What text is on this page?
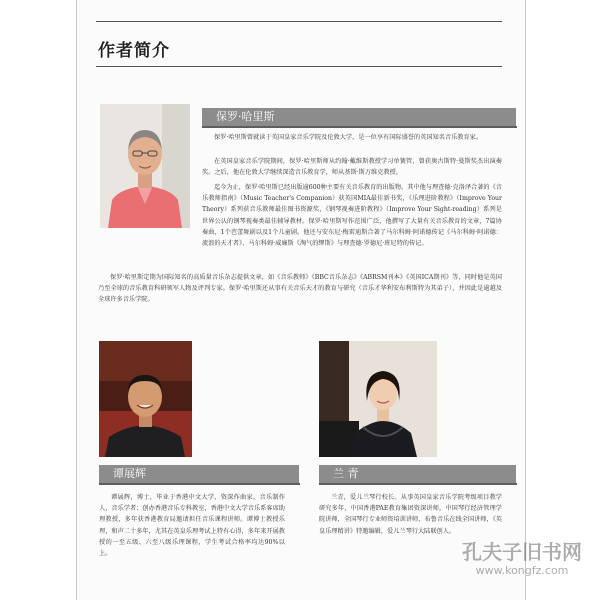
作者简介
保罗·哈里斯

保罗·哈里斯曾就读于英国皇家音乐学院及伦敦大学，是一位享有国际盛誉的英国知名音乐教育家。

在英国皇家音乐学院期间，保罗·哈里斯师从约翰·戴维斯教授学习单簧管，曾获奥古斯特·曼斯奖杰出演奏奖。之后，他在伦敦大学继续深造音乐教育学，师从基斯·斯万维克教授。

迄今为止，保罗·哈里斯已经出版逾600种主要有关音乐教育的出版物。其中他与理查德·克洛泽合著的《音乐教师指南》（Music Teacher's Companion）获英国MIA最佳新书奖，《乐理进阶教程》（Improve Your Theory）系列获音乐教师最佳图书资源奖，《钢琴视奏进阶教程》（Improve Your Sight-reading）系列是世界公认的钢琴视奏类最佳辅导教材。保罗·哈里斯写作范围广泛，他撰写了大量有关音乐教育的文章，7篇协奏曲，1个芭蕾舞剧以及1个儿童剧。他还与安东尼·梅雷迪斯合著了马尔科姆·阿诺德传记《马尔科姆·阿诺德：流浪的天才者》、马尔科姆·威廉斯《淘气的缪斯》与理查德·罗德尼·班尼特的传记。

保罗·哈里斯定期为国际知名的高质量音乐杂志提供文章，如《音乐教师》《BBC音乐杂志》《ABRSM刊本》《英国ICA期刊》等，同时他是英国乃至全球的音乐教育科研领军人物及评判专家。保罗·哈里斯还从事有关音乐天才的教育与研究（音乐才华利安布利斯特为其弟子），并因此是逾越及全球许多音乐学院。

谭展辉

谭展辉，博士，毕业于香港中文大学，资深作曲家，音乐制作人，音乐学者；创办香港音乐专科教室，香港中文大学音乐系客席助理教授，多年获香港教育局邀请担任音乐课程讲师。谭博士教授乐理，和声二十多年，尤其在英皇乐理考试上特有心得，多年来开展教授的一至五级、六至八级乐理课程，学生考试合格率均达90%以上。

兰 青

兰青，爱儿兰琴行校长。从事英国皇家音乐学院考级项目教学研究多年，中国香港PAE教育集团资深讲师，中国琴行经济管理学院讲师，全国琴行专业师资培训讲师，布鲁音乐在线全国讲师，《英皇乐理精讲》特邀编辑，爱儿兰琴行大陆联创人。

孔夫子旧书网
www.kongfz.com
